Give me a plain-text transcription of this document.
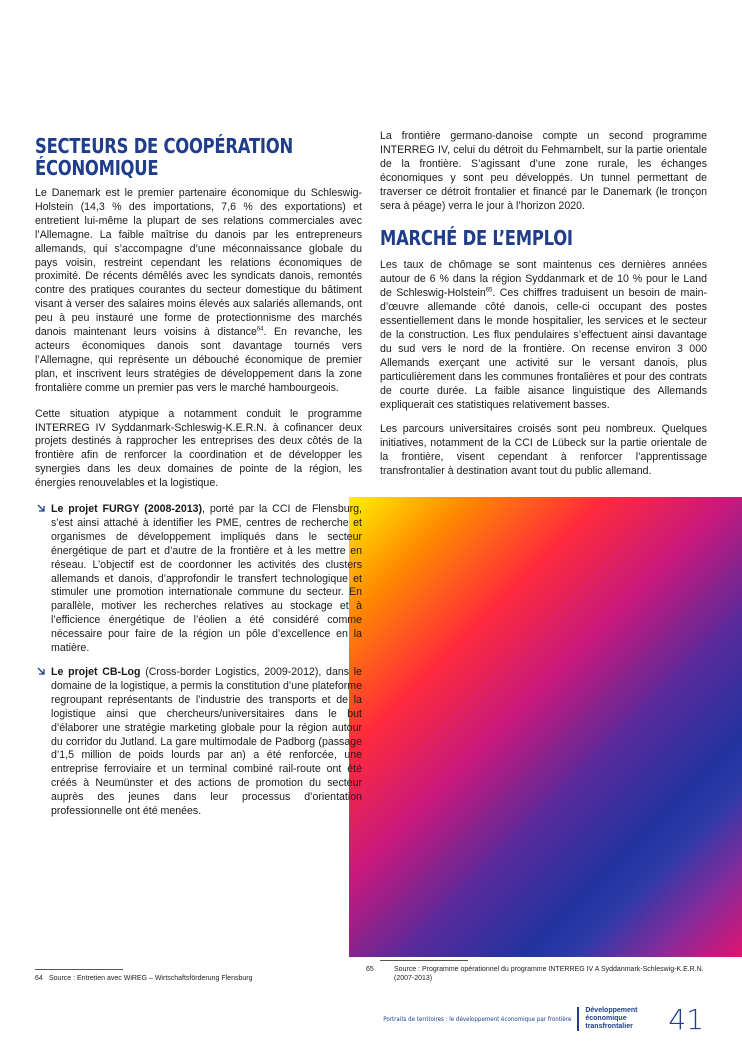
SECTEURS DE COOPÉRATION ÉCONOMIQUE

Le Danemark est le premier partenaire économique du Schleswig-Holstein (14,3 % des importations, 7,6 % des exportations) et entretient lui-même la plupart de ses relations commerciales avec l’Allemagne. La faible maîtrise du danois par les entrepreneurs allemands, qui s’accompagne d’une méconnaissance globale du pays voisin, restreint cependant les relations économiques de proximité. De récents démêlés avec les syndicats danois, remontés contre des pratiques courantes du secteur domestique du bâtiment visant à verser des salaires moins élevés aux salariés allemands, ont peu à peu instauré une forme de protectionnisme des marchés danois maintenant leurs voisins à distance$^{64}$. En revanche, les acteurs économiques danois sont davantage tournés vers l’Allemagne, qui représente un débouché économique de premier plan, et inscrivent leurs stratégies de développement dans la zone frontalière comme un premier pas vers le marché hambourgeois.

Cette situation atypique a notamment conduit le programme INTERREG IV Syddanmark-Schleswig-K.E.R.N. à cofinancer deux projets destinés à rapprocher les entreprises des deux côtés de la frontière afin de renforcer la coordination et de développer les synergies dans les deux domaines de pointe de la région, les énergies renouvelables et la logistique.

Le projet FURGY (2008-2013), porté par la CCI de Flensburg, s’est ainsi attaché à identifier les PME, centres de recherche et organismes de développement impliqués dans le secteur énergétique de part et d’autre de la frontière et à les mettre en réseau. L’objectif est de coordonner les activités des clusters allemands et danois, d’approfondir le transfert technologique et stimuler une promotion internationale commune du secteur. En parallèle, motiver les recherches relatives au stockage et à l’efficience énergétique de l’éolien a été considéré comme nécessaire pour faire de la région un pôle d’excellence en la matière.
Le projet CB-Log (Cross-border Logistics, 2009-2012), dans le domaine de la logistique, a permis la constitution d’une plateforme regroupant représentants de l’industrie des transports et de la logistique ainsi que chercheurs/universitaires dans le but d’élaborer une stratégie marketing globale pour la région autour du corridor du Jutland. La gare multimodale de Padborg (passage d’1,5 million de poids lourds par an) a été renforcée, une entreprise ferroviaire et un terminal combiné rail-route ont été créés à Neumünster et des actions de promotion du secteur auprès des jeunes dans leur processus d’orientation professionnelle ont été menées.

La frontière germano-danoise compte un second programme INTERREG IV, celui du détroit du Fehmarnbelt, sur la partie orientale de la frontière. S’agissant d’une zone rurale, les échanges économiques y sont peu développés. Un tunnel permettant de traverser ce détroit frontalier et financé par le Danemark (le tronçon sera à péage) verra le jour à l’horizon 2020.

MARCHÉ DE L’EMPLOI

Les taux de chômage se sont maintenus ces dernières années autour de 6 % dans la région Syddanmark et de 10 % pour le Land de Schleswig-Holstein$^{65}$. Ces chiffres traduisent un besoin de main-d’œuvre allemande côté danois, celle-ci occupant des postes essentiellement dans le monde hospitalier, les services et le secteur de la construction. Les flux pendulaires s’effectuent ainsi davantage du sud vers le nord de la frontière. On recense environ 3 000 Allemands exerçant une activité sur le versant danois, plus particulièrement dans les communes frontalières et pour des contrats de courte durée. La faible aisance linguistique des Allemands expliquerait ces statistiques relativement basses.

Les parcours universitaires croisés sont peu nombreux. Quelques initiatives, notamment de la CCI de Lübeck sur la partie orientale de la frontière, visent cependant à renforcer l’apprentissage transfrontalier à destination avant tout du public allemand.

64 Source : Entretien avec WiREG – Wirtschaftsförderung Flensburg
65	Source : Programme opérationnel du programme INTERREG IV A Syddanmark-Schleswig-K.E.R.N. (2007-2013)
Portraits de territoires : le développement économique par frontière
Développement
économique
transfrontalier	41
